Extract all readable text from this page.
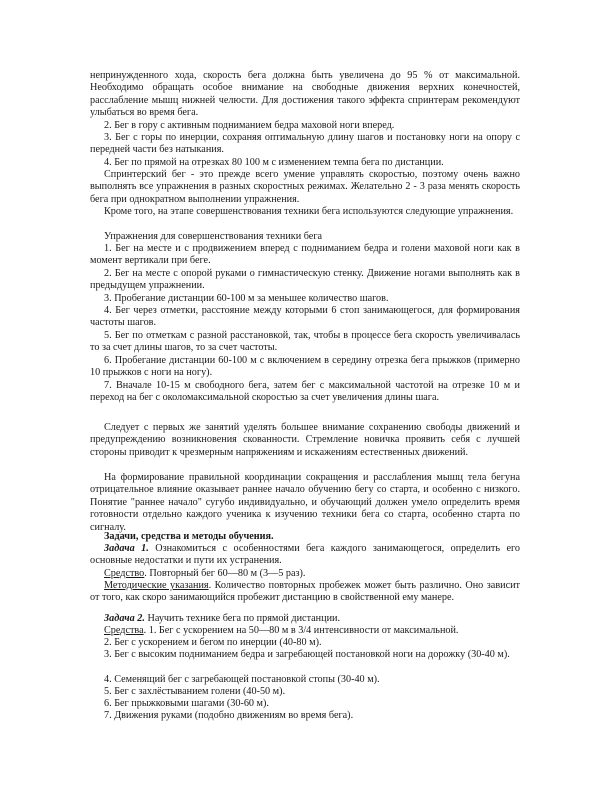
непринужденного хода, скорость бега должна быть увеличена до 95 % от максимальной. Необходимо обращать особое внимание на свободные движения верхних конечностей, расслабление мышц нижней челюсти. Для достижения такого эффекта спринтерам рекомендуют улыбаться во время бега.

2. Бег в гору с активным подниманием бедра маховой ноги вперед.

3. Бег с горы по инерции, сохраняя оптимальную длину шагов и постановку ноги на опору с передней части без натыкания.

4. Бег по прямой на отрезках 80 100 м с изменением темпа бега по дистанции.

Спринтерский бег - это прежде всего умение управлять скоростью, поэтому очень важно выполнять все упражнения в разных скоростных режимах. Желательно 2 - 3 раза менять скорость бега при однократном выполнении упражнения.

Кроме того, на этапе совершенствования техники бега используются следующие упражнения.

Упражнения для совершенствования техники бега

1. Бег на месте и с продвижением вперед с подниманием бедра и голени маховой ноги как в момент вертикали при беге.

2. Бег на месте с опорой руками о гимнастическую стенку. Движение ногами выполнять как в предыдущем упражнении.

3. Пробегание дистанции 60-100 м за меньшее количество шагов.

4. Бег через отметки, расстояние между которыми 6 стоп занимающегося, для формирования частоты шагов.

5. Бег по отметкам с разной расстановкой, так, чтобы в процессе бега скорость увеличивалась то за счет длины шагов, то за счет частоты.

6. Пробегание дистанции 60-100 м с включением в середину отрезка бега прыжков (примерно 10 прыжков с ноги на ногу).

7. Вначале 10-15 м свободного бега, затем бег с максимальной частотой на отрезке 10 м и переход на бег с околомаксимальной скоростью за счет увеличения длины шага.

Следует с первых же занятий уделять большее внимание сохранению свободы движений и предупреждению возникновения скованности. Стремление новичка проявить себя с лучшей стороны приводит к чрезмерным напряжениям и искажениям естественных движений.

На формирование правильной координации сокращения и расслабления мышц тела бегуна отрицательное влияние оказывает раннее начало обучению бегу со старта, и особенно с низкого. Понятие "раннее начало" сугубо индивидуально, и обучающий должен умело определить время готовности отдельно каждого ученика к изучению техники бега со старта, особенно старта по сигналу.

Задачи, средства и методы обучения.

Задача 1. Ознакомиться с особенностями бега каждого занимающегося, определить его основные недостатки и пути их устранения.

Средство. Повторный бег 60—80 м (3—5 раз).

Методические указания. Количество повторных пробежек может быть различно. Оно зависит от того, как скоро занимающийся пробежит дистанцию в свойственной ему манере.

Задача 2. Научить технике бега по прямой дистанции.

Средства. 1. Бег с ускорением на 50—80 м в 3/4 интенсивности от максимальной.

2. Бег с ускорением и бегом по инерции (40-80 м).

3. Бег с высоким подниманием бедра и загребающей постановкой ноги на дорожку (30-40 м).

4. Семенящий бег с загребающей постановкой стопы (30-40 м).

5. Бег с захлёстыванием голени (40-50 м).

6. Бег прыжковыми шагами (30-60 м).

7. Движения руками (подобно движениям во время бега).
